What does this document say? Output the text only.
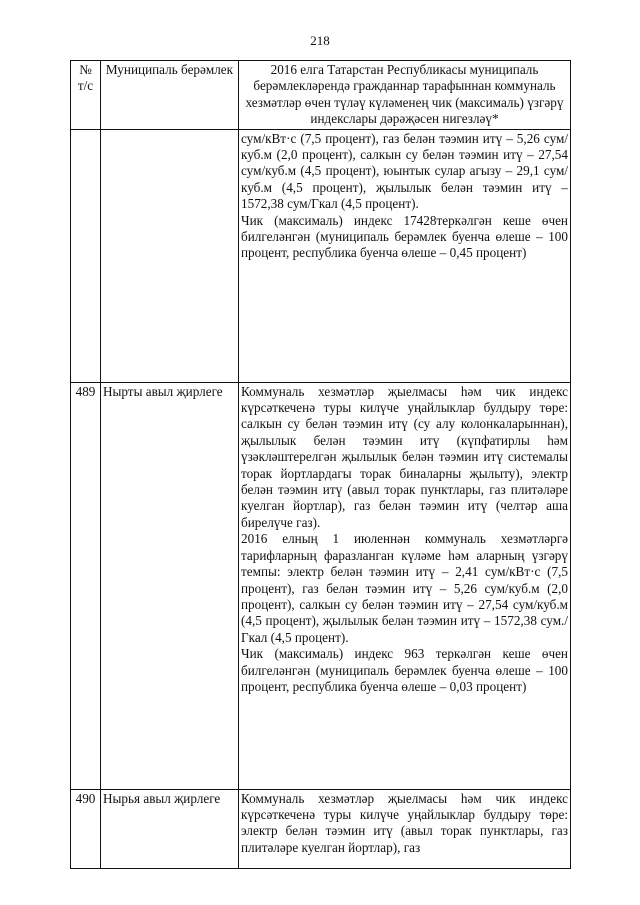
218
№ т/с	Муниципаль берәмлек	2016 елга Татарстан Республикасы муниципаль берәмлекләрендә гражданнар тарафыннан коммуналь хезмәтләр өчен түләү күләменең чик (максималь) үзгәрү индекслары дәрәҗәсен нигезләү*

		сум/кВт·с (7,5 процент), газ белән тәэмин итү – 5,26 сум/куб.м (2,0 процент), салкын су белән тәэмин итү – 27,54 сум/куб.м (4,5 процент), юынтык сулар агызу – 29,1 сум/куб.м (4,5 процент), җылылык белән тәэмин итү – 1572,38 сум/Гкал (4,5 процент).
Чик (максималь) индекс 17428теркәлгән кеше өчен билгеләнгән (муниципаль берәмлек буенча өлеше – 100 процент, республика буенча өлеше – 0,45 процент)

489	Нырты авыл җирлеге	Коммуналь хезмәтләр җыелмасы һәм чик индекс күрсәткеченә туры килүче уңайлыклар булдыру төре: салкын су белән тәэмин итү (су алу колонкаларыннан), җылылык белән тәэмин итү (күпфатирлы һәм үзәкләштерелгән җылылык белән тәэмин итү системалы торак йортлардагы торак биналарны җылыту), электр белән тәэмин итү (авыл торак пунктлары, газ плитәләре куелган йортлар), газ белән тәэмин итү (челтәр аша бирелүче газ).
2016 елның 1 июленнән коммуналь хезмәтләргә тарифларның фаразланган күләме һәм аларның үзгәрү темпы: электр белән тәэмин итү – 2,41 сум/кВт·с (7,5 процент), газ белән тәэмин итү – 5,26 сум/куб.м (2,0 процент), салкын су белән тәэмин итү – 27,54 сум/куб.м (4,5 процент), җылылык белән тәэмин итү – 1572,38 сум./Гкал (4,5 процент).
Чик (максималь) индекс 963 теркәлгән кеше өчен билгеләнгән (муниципаль берәмлек буенча өлеше – 100 процент, республика буенча өлеше – 0,03 процент)

490	Нырья авыл җирлеге	Коммуналь хезмәтләр җыелмасы һәм чик индекс күрсәткеченә туры килүче уңайлыклар булдыру төре: электр белән тәэмин итү (авыл торак пунктлары, газ плитәләре куелган йортлар), газ
